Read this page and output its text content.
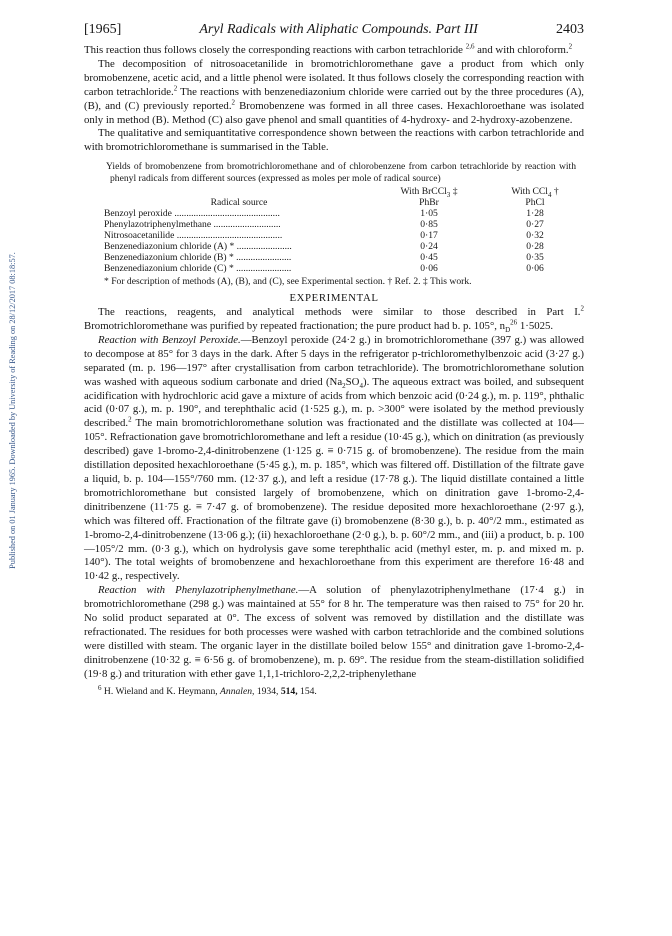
Published on 01 January 1965. Downloaded by University of Reading on 28/12/2017 08:18:57.
[1965]	Aryl Radicals with Aliphatic Compounds. Part III	2403

This reaction thus follows closely the corresponding reactions with carbon tetrachloride $^{2,6}$ and with chloroform.$^2$

The decomposition of nitrosoacetanilide in bromotrichloromethane gave a product from which only bromobenzene, acetic acid, and a little phenol were isolated. It thus follows closely the corresponding reaction with carbon tetrachloride.$^2$ The reactions with benzenediazonium chloride were carried out by the three procedures (A), (B), and (C) previously reported.$^2$ Bromobenzene was formed in all three cases. Hexachloroethane was isolated only in method (B). Method (C) also gave phenol and small quantities of 4-hydroxy- and 2-hydroxy-azobenzene.

The qualitative and semiquantitative correspondence shown between the reactions with carbon tetrachloride and with bromotrichloromethane is summarised in the Table.

Yields of bromobenzene from bromotrichloromethane and of chlorobenzene from carbon tetrachloride by reaction with phenyl radicals from different sources (expressed as moles per mole of radical source)
	With BrCCl$_3$ ‡	With CCl$_4$ †
Radical source	PhBr	PhCl
Benzoyl peroxide ............................................	1·05	1·28
Phenylazotriphenylmethane ............................	0·85	0·27
Nitrosoacetanilide ............................................	0·17	0·32
Benzenediazonium chloride (A) * .......................	0·24	0·28
Benzenediazonium chloride (B) * .......................	0·45	0·35
Benzenediazonium chloride (C) * .......................	0·06	0·06
* For description of methods (A), (B), and (C), see Experimental section. † Ref. 2. ‡ This work.
EXPERIMENTAL

The reactions, reagents, and analytical methods were similar to those described in Part I.$^2$ Bromotrichloromethane was purified by repeated fractionation; the pure product had b. p. 105°, $n_D^{26}$ 1·5025.

Reaction with Benzoyl Peroxide.—Benzoyl peroxide (24·2 g.) in bromotrichloromethane (397 g.) was allowed to decompose at 85° for 3 days in the dark. After 5 days in the refrigerator p-trichloromethylbenzoic acid (3·27 g.) separated (m. p. 196—197° after crystallisation from carbon tetrachloride). The bromotrichloromethane solution was washed with aqueous sodium carbonate and dried $(Na_2SO_4)$. The aqueous extract was boiled, and subsequent acidification with hydrochloric acid gave a mixture of acids from which benzoic acid (0·24 g.), m. p. 119°, phthalic acid (0·07 g.), m. p. 190°, and terephthalic acid (1·525 g.), m. p. >300° were isolated by the method previously described.$^2$ The main bromotrichloromethane solution was fractionated and the distillate was collected at 104—105°. Refractionation gave bromotrichloromethane and left a residue (10·45 g.), which on dinitration (as previously described) gave 1-bromo-2,4-dinitrobenzene (1·125 g. ≡ 0·715 g. of bromobenzene). The residue from the main distillation deposited hexachloroethane (5·45 g.), m. p. 185°, which was filtered off. Distillation of the filtrate gave a liquid, b. p. 104—155°/760 mm. (12·37 g.), and left a residue (17·78 g.). The liquid distillate contained a little bromotrichloromethane but consisted largely of bromobenzene, which on dinitration gave 1-bromo-2,4-dinitribenzene (11·75 g. ≡ 7·47 g. of bromobenzene). The residue deposited more hexachloroethane (2·97 g.), which was filtered off. Fractionation of the filtrate gave (i) bromobenzene (8·30 g.), b. p. 40°/2 mm., estimated as 1-bromo-2,4-dinitrobenzene (13·06 g.); (ii) hexachloroethane (2·0 g.), b. p. 60°/2 mm., and (iii) a product, b. p. 100—105°/2 mm. (0·3 g.), which on hydrolysis gave some terephthalic acid (methyl ester, m. p. and mixed m. p. 140°). The total weights of bromobenzene and hexachloroethane from this experiment are therefore 16·48 and 10·42 g., respectively.

Reaction with Phenylazotriphenylmethane.—A solution of phenylazotriphenylmethane (17·4 g.) in bromotrichloromethane (298 g.) was maintained at 55° for 8 hr. The temperature was then raised to 75° for 20 hr. No solid product separated at 0°. The excess of solvent was removed by distillation and the distillate was refractionated. The residues for both processes were washed with carbon tetrachloride and the combined solutions were distilled with steam. The organic layer in the distillate boiled below 155° and dinitration gave 1-bromo-2,4-dinitrobenzene (10·32 g. ≡ 6·56 g. of bromobenzene), m. p. 69°. The residue from the steam-distillation solidified (19·8 g.) and trituration with ether gave 1,1,1-trichloro-2,2,2-triphenylethane

$^6$ H. Wieland and K. Heymann, Annalen, 1934, 514, 154.
